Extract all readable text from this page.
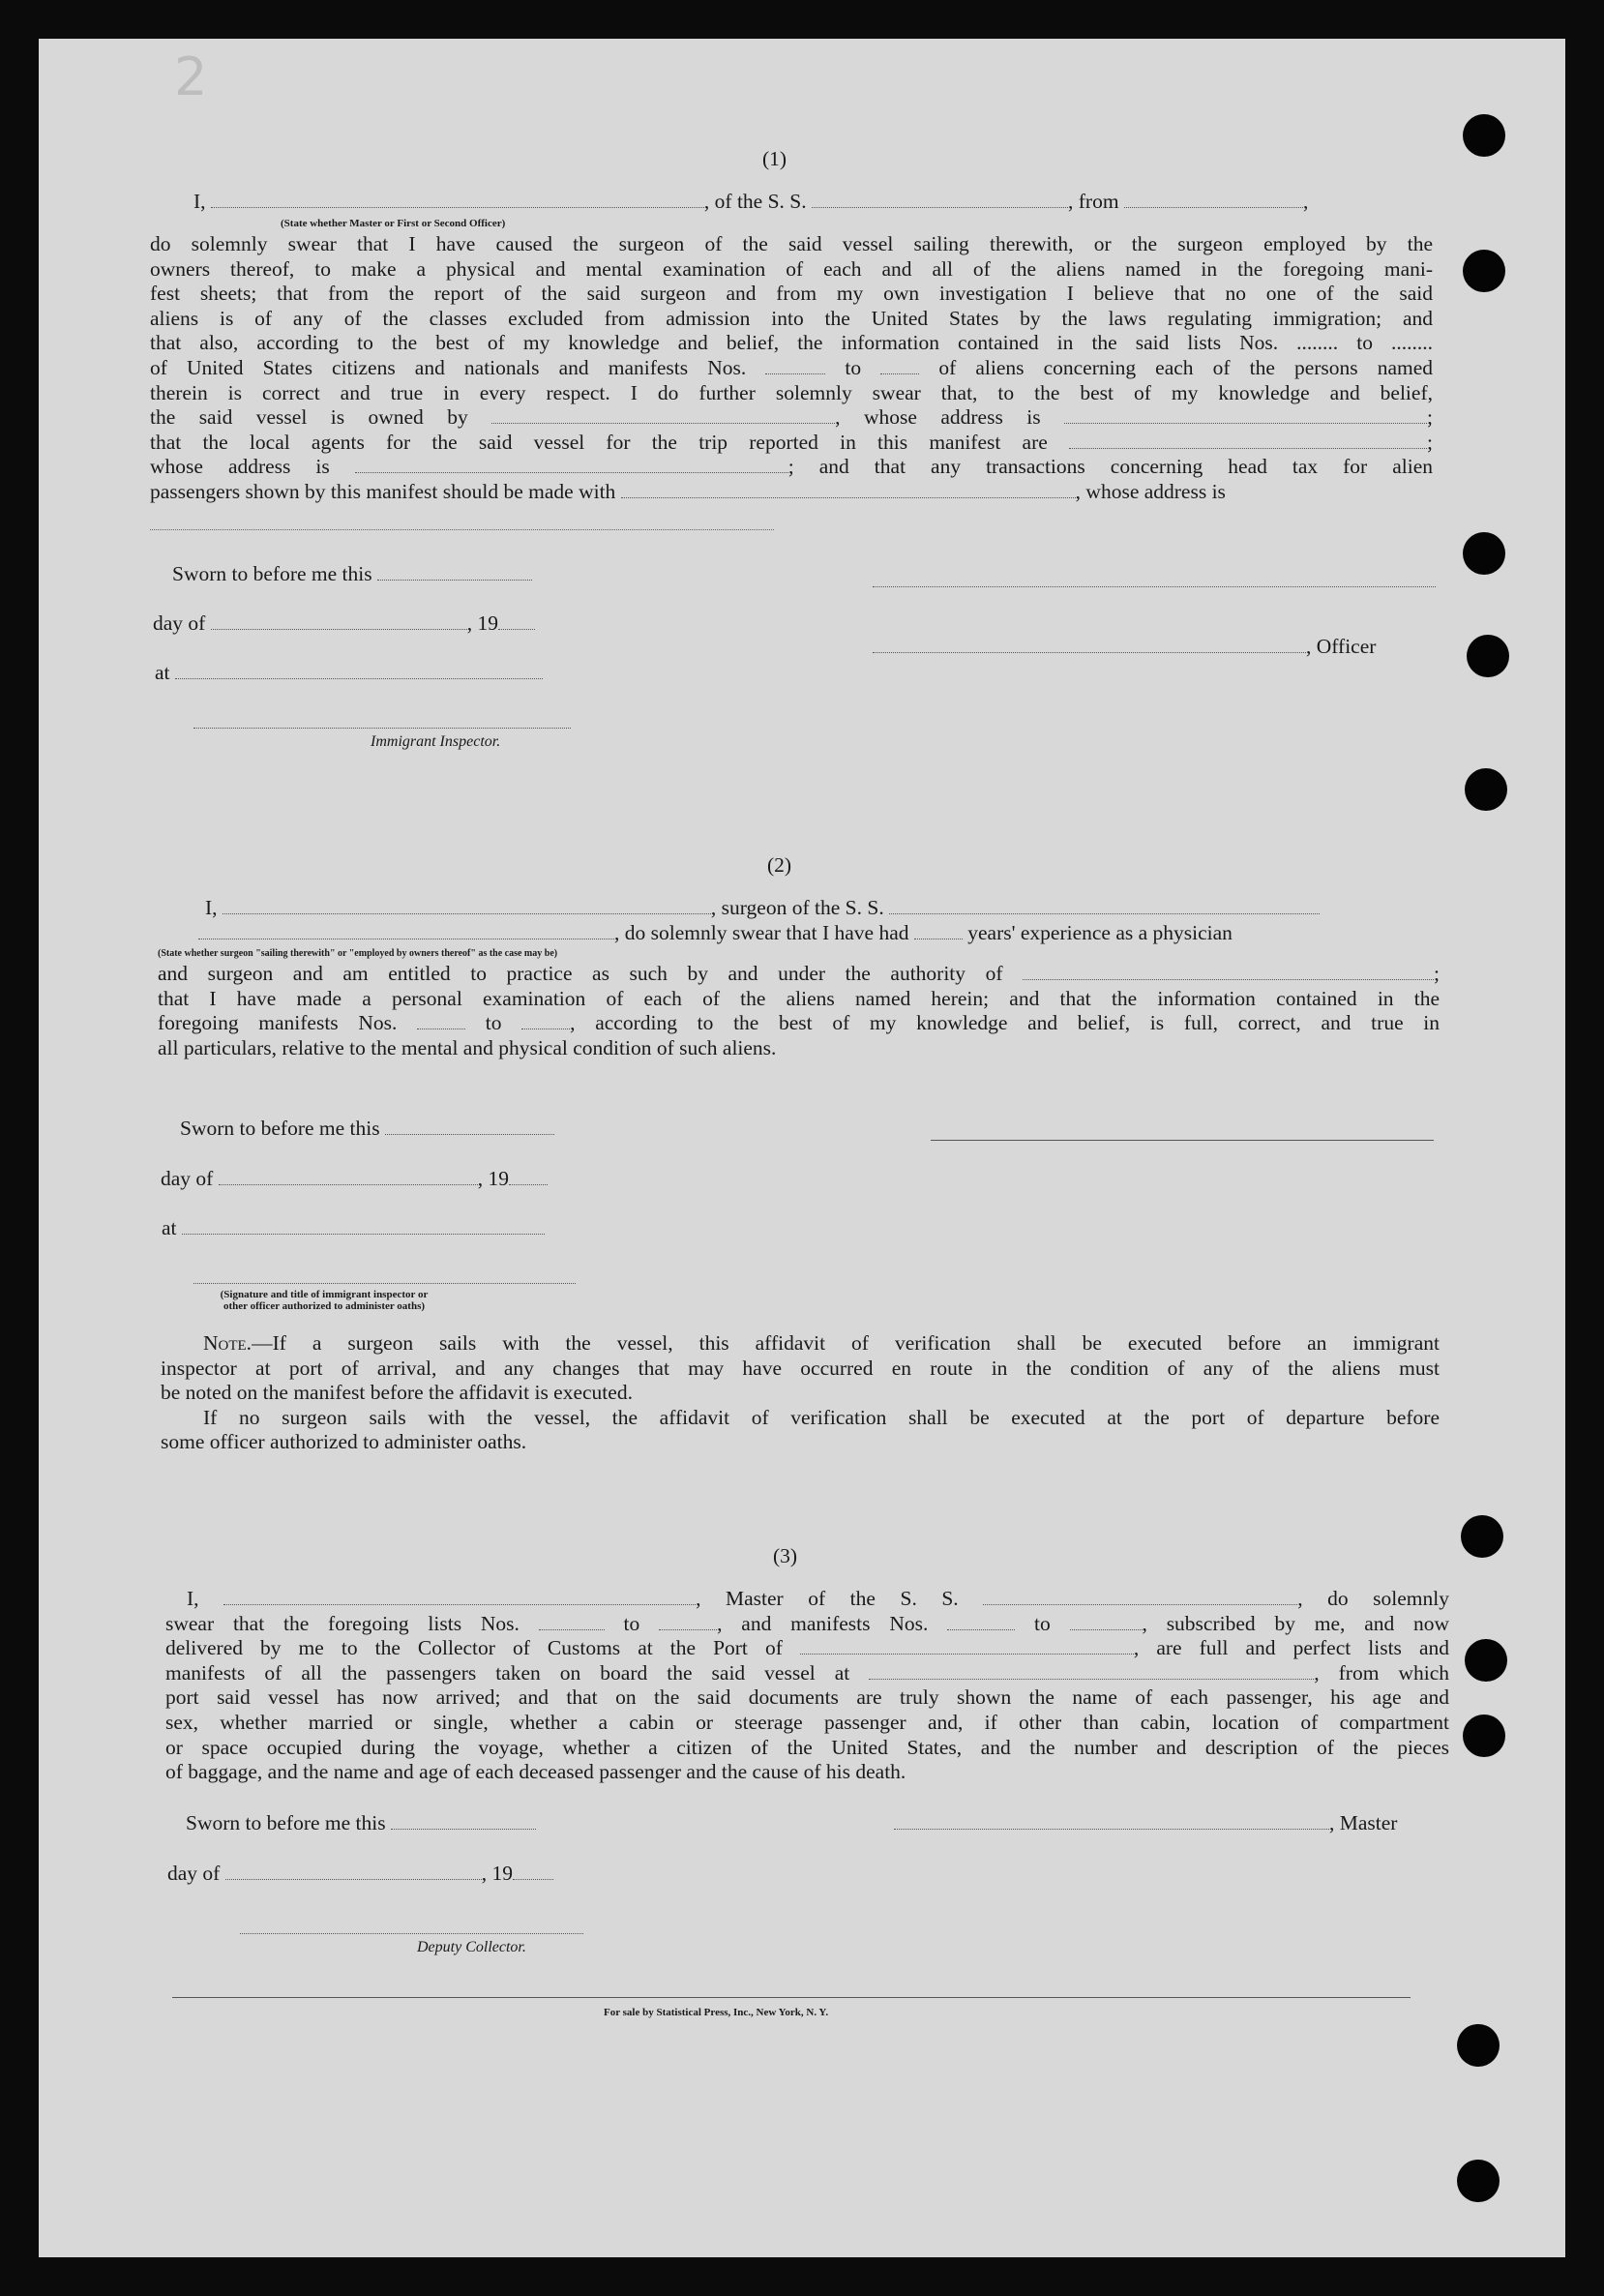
2
(1)
I,	, of the S. S.	, from	,
(State whether Master or First or Second Officer)
do solemnly swear that I have caused the surgeon of the said vessel sailing therewith, or the surgeon employed by the
owners thereof, to make a physical and mental examination of each and all of the aliens named in the foregoing mani-
fest sheets; that from the report of the said surgeon and from my own investigation I believe that no one of the said
aliens is of any of the classes excluded from admission into the United States by the laws regulating immigration; and
that also, according to the best of my knowledge and belief, the information contained in the said lists Nos. ........ to ........
of United States citizens and nationals and manifests Nos.	to	of aliens concerning each of the persons named
therein is correct and true in every respect. I do further solemnly swear that, to the best of my knowledge and belief,
the said vessel is owned by	, whose address is	;
that the local agents for the said vessel for the trip reported in this manifest are	;
whose address is	; and that any transactions concerning head tax for alien
passengers shown by this manifest should be made with	, whose address is
Sworn to before me this
day of	, 19
at
Immigrant Inspector.
, Officer
(2)
I,	, surgeon of the S. S.
, do solemnly swear that I have had	years' experience as a physician
(State whether surgeon "sailing therewith" or "employed by owners thereof" as the case may be)
and surgeon and am entitled to practice as such by and under the authority of	;
that I have made a personal examination of each of the aliens named herein; and that the information contained in the
foregoing manifests Nos.	to	, according to the best of my knowledge and belief, is full, correct, and true in
all particulars, relative to the mental and physical condition of such aliens.
Sworn to before me this
day of	, 19
at
(Signature and title of immigrant inspector or
other officer authorized to administer oaths)
Note.—If a surgeon sails with the vessel, this affidavit of verification shall be executed before an immigrant
inspector at port of arrival, and any changes that may have occurred en route in the condition of any of the aliens must
be noted on the manifest before the affidavit is executed.
If no surgeon sails with the vessel, the affidavit of verification shall be executed at the port of departure before
some officer authorized to administer oaths.
(3)
I,	, Master of the S. S.	, do solemnly
swear that the foregoing lists Nos.	to	, and manifests Nos.	to	, subscribed by me, and now
delivered by me to the Collector of Customs at the Port of	, are full and perfect lists and
manifests of all the passengers taken on board the said vessel at	, from which
port said vessel has now arrived; and that on the said documents are truly shown the name of each passenger, his age and
sex, whether married or single, whether a cabin or steerage passenger and, if other than cabin, location of compartment
or space occupied during the voyage, whether a citizen of the United States, and the number and description of the pieces
of baggage, and the name and age of each deceased passenger and the cause of his death.
Sworn to before me this	, Master
day of	, 19
Deputy Collector.
For sale by Statistical Press, Inc., New York, N. Y.
